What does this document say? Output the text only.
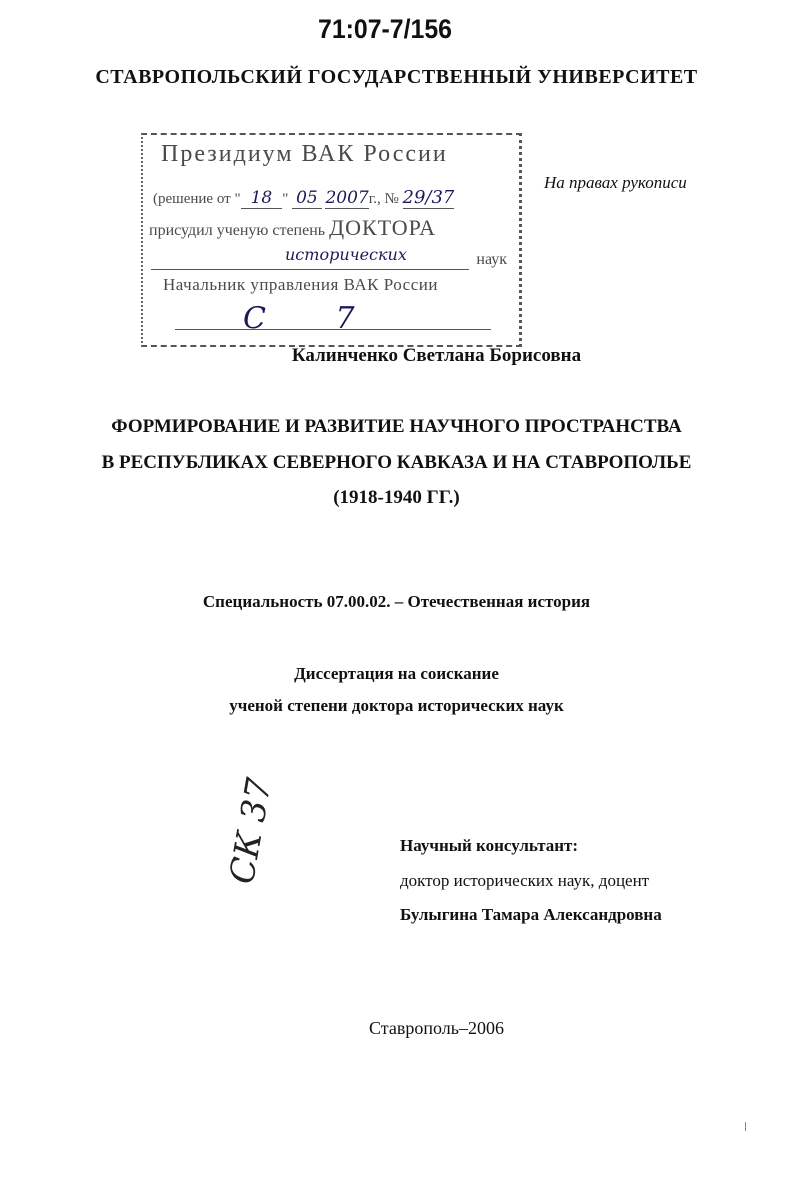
71:07-7/156
СТАВРОПОЛЬСКИЙ ГОСУДАРСТВЕННЫЙ УНИВЕРСИТЕТ
На правах рукописи
Президиум ВАК России
(решение от " 18 " 05 2007г., № 29/37
присудил ученую степень ДОКТОРА
исторических	наук
Начальник управления ВАК России
С 7
Калинченко Светлана Борисовна
ФОРМИРОВАНИЕ И РАЗВИТИЕ НАУЧНОГО ПРОСТРАНСТВА
В РЕСПУБЛИКАХ СЕВЕРНОГО КАВКАЗА И НА СТАВРОПОЛЬЕ
(1918-1940 ГГ.)
Специальность 07.00.02. – Отечественная история
Диссертация на соискание
ученой степени доктора исторических наук
СК 37	Научный консультант:
доктор исторических наук, доцент
Булыгина Тамара Александровна
Ставрополь–2006
